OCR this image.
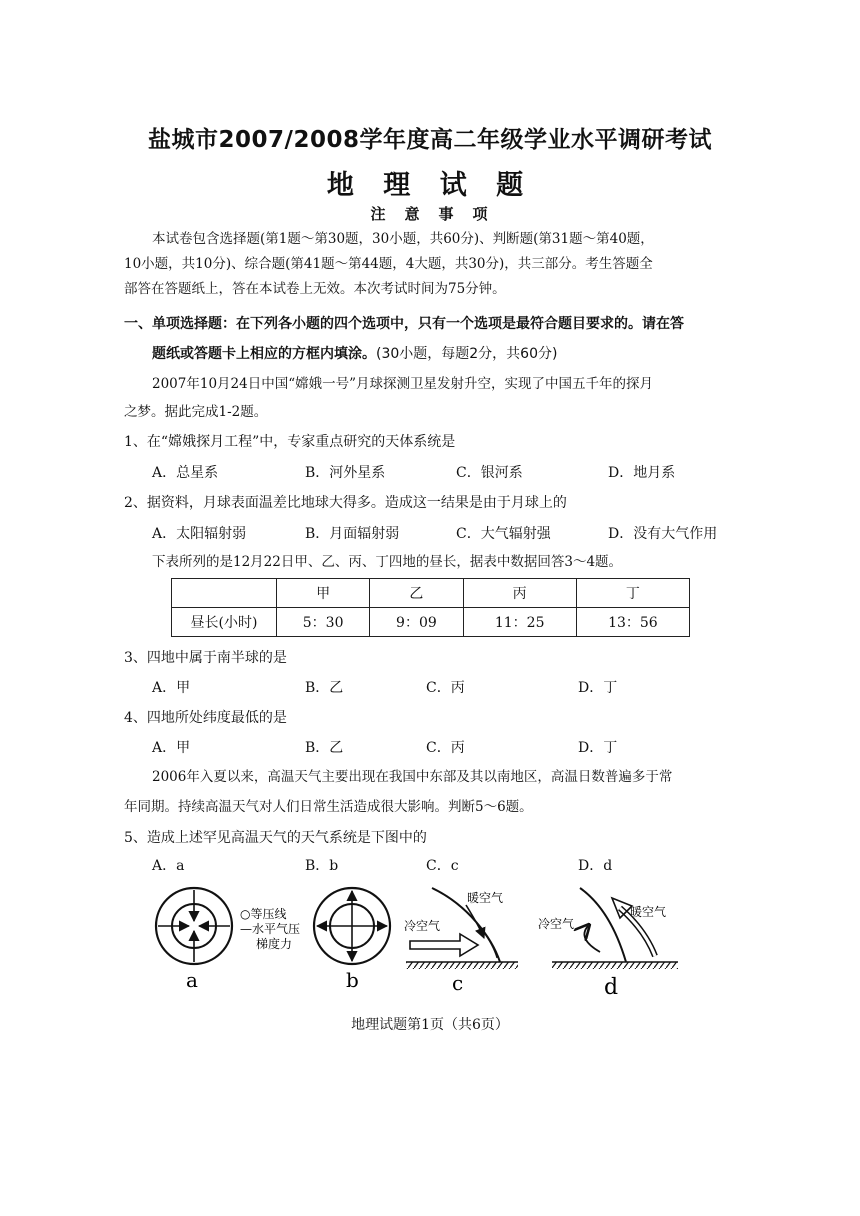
盐城市2007/2008学年度高二年级学业水平调研考试
地 理 试 题
注　意　事　项
本试卷包含选择题(第1题～第30题，30小题，共60分)、判断题(第31题～第40题，
10小题，共10分)、综合题(第41题～第44题，4大题，共30分)，共三部分。考生答题全
部答在答题纸上，答在本试卷上无效。本次考试时间为75分钟。
一、单项选择题：在下列各小题的四个选项中，只有一个选项是最符合题目要求的。请在答
题纸或答题卡上相应的方框内填涂。(30小题，每题2分，共60分)
2007年10月24日中国“嫦娥一号”月球探测卫星发射升空，实现了中国五千年的探月
之梦。据此完成1-2题。
1、在“嫦娥探月工程”中，专家重点研究的天体系统是
A．总星系	B．河外星系	C．银河系	D．地月系
2、据资料，月球表面温差比地球大得多。造成这一结果是由于月球上的
A．太阳辐射弱	B．月面辐射弱	C．大气辐射强	D．没有大气作用
下表所列的是12月22日甲、乙、丙、丁四地的昼长，据表中数据回答3～4题。
	甲	乙	丙	丁
昼长(小时)	5：30	9：09	11：25	13：56
3、四地中属于南半球的是
A．甲	B．乙	C．丙	D．丁
4、四地所处纬度最低的是
A．甲	B．乙	C．丙	D．丁
2006年入夏以来，高温天气主要出现在我国中东部及其以南地区，高温日数普遍多于常
年同期。持续高温天气对人们日常生活造成很大影响。判断5～6题。
5、造成上述罕见高温天气的天气系统是下图中的
A．a	B．b	C．c	D．d
a
○等压线
—水平气压
梯度力
b
冷空气
暖空气
c
冷空气
暖空气
d
地理试题第1页（共6页）
